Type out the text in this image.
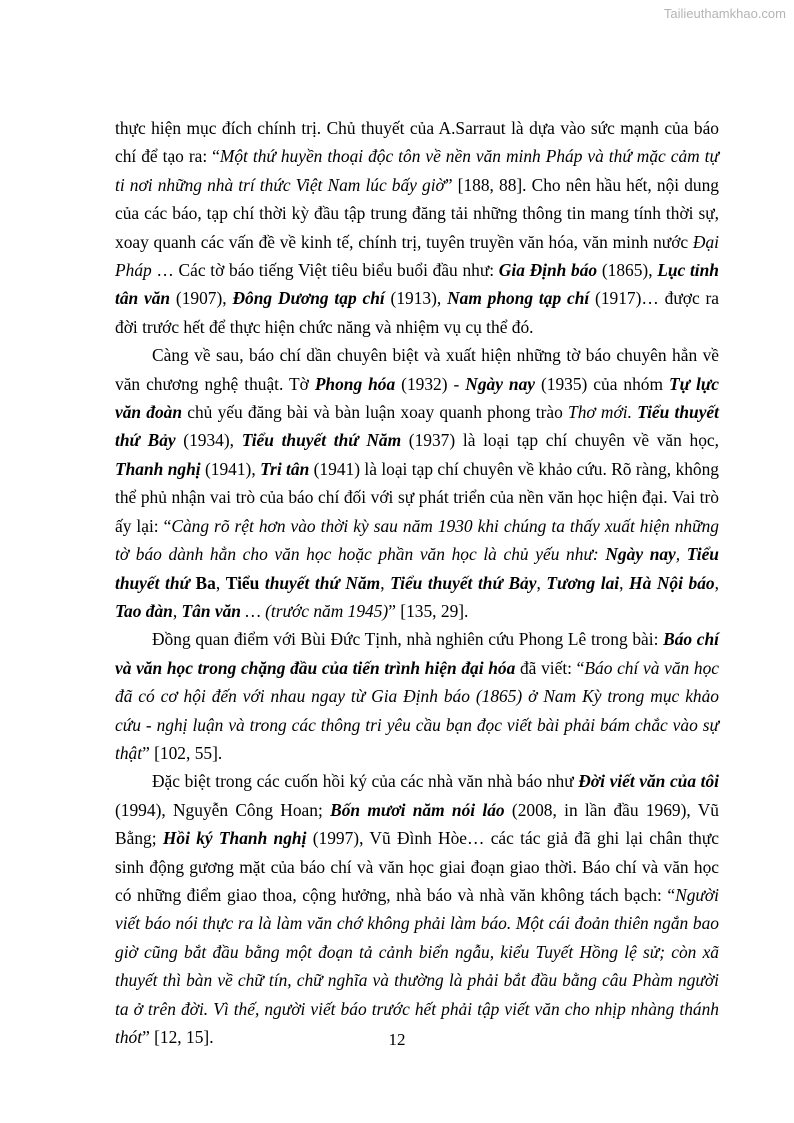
Tailieuthamkhao.com

thực hiện mục đích chính trị. Chủ thuyết của A.Sarraut là dựa vào sức mạnh của báo chí để tạo ra: “Một thứ huyền thoại độc tôn về nền văn minh Pháp và thứ mặc cảm tự ti nơi những nhà trí thức Việt Nam lúc bấy giờ” [188, 88]. Cho nên hầu hết, nội dung của các báo, tạp chí thời kỳ đầu tập trung đăng tải những thông tin mang tính thời sự, xoay quanh các vấn đề về kinh tế, chính trị, tuyên truyền văn hóa, văn minh nước Đại Pháp … Các tờ báo tiếng Việt tiêu biểu buổi đầu như: Gia Định báo (1865), Lục tỉnh tân văn (1907), Đông Dương tạp chí (1913), Nam phong tạp chí (1917)… được ra đời trước hết để thực hiện chức năng và nhiệm vụ cụ thể đó.

Càng về sau, báo chí dần chuyên biệt và xuất hiện những tờ báo chuyên hẳn về văn chương nghệ thuật. Tờ Phong hóa (1932) - Ngày nay (1935) của nhóm Tự lực văn đoàn chủ yếu đăng bài và bàn luận xoay quanh phong trào Thơ mới. Tiểu thuyết thứ Bảy (1934), Tiểu thuyết thứ Năm (1937) là loại tạp chí chuyên về văn học, Thanh nghị (1941), Tri tân (1941) là loại tạp chí chuyên về khảo cứu. Rõ ràng, không thể phủ nhận vai trò của báo chí đối với sự phát triển của nền văn học hiện đại. Vai trò ấy lại: “Càng rõ rệt hơn vào thời kỳ sau năm 1930 khi chúng ta thấy xuất hiện những tờ báo dành hẳn cho văn học hoặc phần văn học là chủ yếu như: Ngày nay, Tiểu thuyết thứ Ba, Tiểu thuyết thứ Năm, Tiểu thuyết thứ Bảy, Tương lai, Hà Nội báo, Tao đàn, Tân văn … (trước năm 1945)” [135, 29].

Đồng quan điểm với Bùi Đức Tịnh, nhà nghiên cứu Phong Lê trong bài: Báo chí và văn học trong chặng đầu của tiến trình hiện đại hóa đã viết: “Báo chí và văn học đã có cơ hội đến với nhau ngay từ Gia Định báo (1865) ở Nam Kỳ trong mục khảo cứu - nghị luận và trong các thông tri yêu cầu bạn đọc viết bài phải bám chắc vào sự thật” [102, 55].

Đặc biệt trong các cuốn hồi ký của các nhà văn nhà báo như Đời viết văn của tôi (1994), Nguyễn Công Hoan; Bốn mươi năm nói láo (2008, in lần đầu 1969), Vũ Bằng; Hồi ký Thanh nghị (1997), Vũ Đình Hòe… các tác giả đã ghi lại chân thực sinh động gương mặt của báo chí và văn học giai đoạn giao thời. Báo chí và văn học có những điểm giao thoa, cộng hưởng, nhà báo và nhà văn không tách bạch: “Người viết báo nói thực ra là làm văn chớ không phải làm báo. Một cái đoản thiên ngắn bao giờ cũng bắt đầu bằng một đoạn tả cảnh biển ngẫu, kiểu Tuyết Hồng lệ sử; còn xã thuyết thì bàn về chữ tín, chữ nghĩa và thường là phải bắt đầu bằng câu Phàm người ta ở trên đời. Vì thế, người viết báo trước hết phải tập viết văn cho nhịp nhàng thánh thót” [12, 15].	12
